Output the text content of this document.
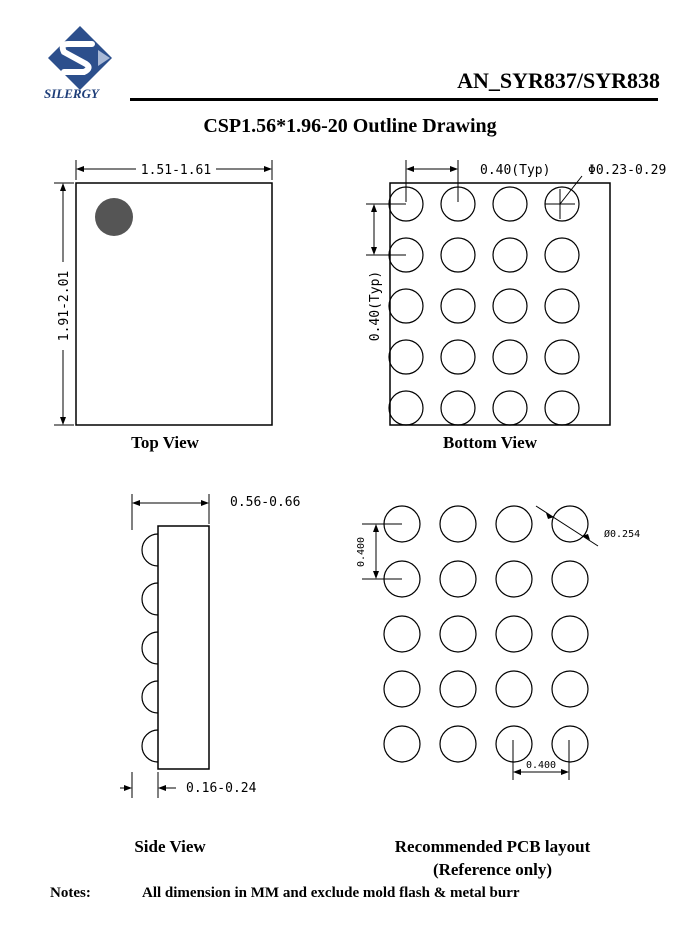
SILERGY
AN_SYR837/SYR838
CSP1.56*1.96-20 Outline Drawing
1.51-1.61
1.91-2.01
Top View
0.40(Typ)
0.40(Typ)
Φ0.23-0.29
Bottom View
0.56-0.66
0.16-0.24
Side View
0.400
0.400
Ø0.254
Recommended PCB layout
(Reference only)
Notes:	All dimension in MM and exclude mold flash & metal burr
